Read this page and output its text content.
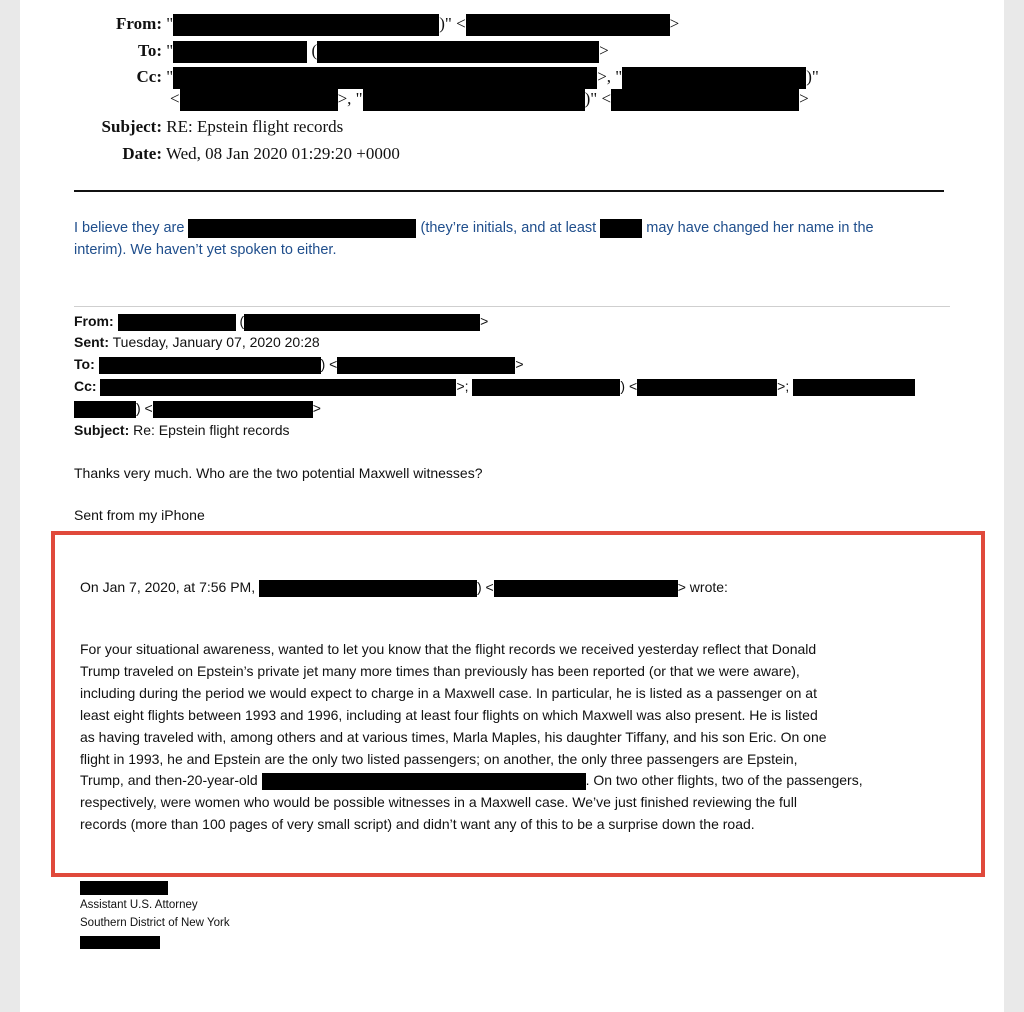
From: "	)" <	>
To: "	(	>
Cc: "	>, "	)"
<	>, "	)" <	>
Subject: RE: Epstein flight records
Date: Wed, 08 Jan 2020 01:29:20 +0000
I believe they are	(they’re initials, and at least	may have changed her name in the
interim). We haven’t yet spoken to either.
From:	(	>
Sent: Tuesday, January 07, 2020 20:28
To:	) <	>
Cc:	>;	) <	>;
) <	>
Subject: Re: Epstein flight records
Thanks very much. Who are the two potential Maxwell witnesses?
Sent from my iPhone
On Jan 7, 2020, at 7:56 PM,	) <	> wrote:
For your situational awareness, wanted to let you know that the flight records we received yesterday reflect that Donald
Trump traveled on Epstein’s private jet many more times than previously has been reported (or that we were aware),
including during the period we would expect to charge in a Maxwell case. In particular, he is listed as a passenger on at
least eight flights between 1993 and 1996, including at least four flights on which Maxwell was also present. He is listed
as having traveled with, among others and at various times, Marla Maples, his daughter Tiffany, and his son Eric. On one
flight in 1993, he and Epstein are the only two listed passengers; on another, the only three passengers are Epstein,
Trump, and then-20-year-old	. On two other flights, two of the passengers,
respectively, were women who would be possible witnesses in a Maxwell case. We’ve just finished reviewing the full
records (more than 100 pages of very small script) and didn’t want any of this to be a surprise down the road.
Assistant U.S. Attorney
Southern District of New York
